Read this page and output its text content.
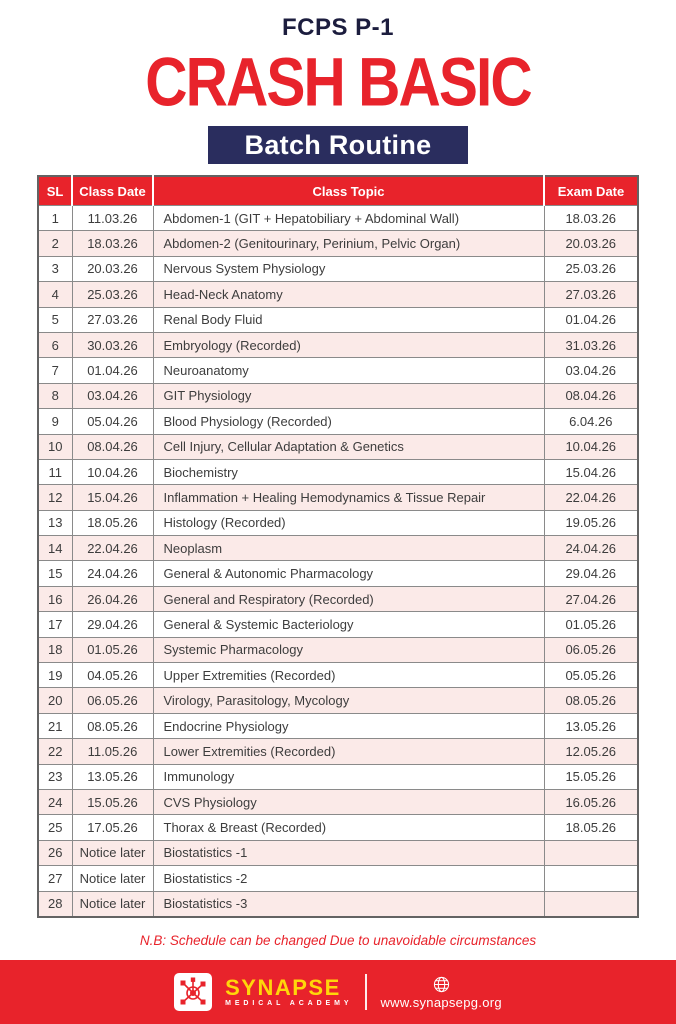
FCPS P-1
CRASH BASIC
Batch Routine
SL	Class Date	Class Topic	Exam Date
1	11.03.26	Abdomen-1 (GIT + Hepatobiliary + Abdominal Wall)	18.03.26
2	18.03.26	Abdomen-2 (Genitourinary, Perinium, Pelvic Organ)	20.03.26
3	20.03.26	Nervous System Physiology	25.03.26
4	25.03.26	Head-Neck Anatomy	27.03.26
5	27.03.26	Renal Body Fluid	01.04.26
6	30.03.26	Embryology (Recorded)	31.03.26
7	01.04.26	Neuroanatomy	03.04.26
8	03.04.26	GIT Physiology	08.04.26
9	05.04.26	Blood Physiology (Recorded)	6.04.26
10	08.04.26	Cell Injury, Cellular Adaptation & Genetics	10.04.26
11	10.04.26	Biochemistry	15.04.26
12	15.04.26	Inflammation + Healing Hemodynamics & Tissue Repair	22.04.26
13	18.05.26	Histology (Recorded)	19.05.26
14	22.04.26	Neoplasm	24.04.26
15	24.04.26	General & Autonomic Pharmacology	29.04.26
16	26.04.26	General and Respiratory (Recorded)	27.04.26
17	29.04.26	General & Systemic Bacteriology	01.05.26
18	01.05.26	Systemic Pharmacology	06.05.26
19	04.05.26	Upper Extremities (Recorded)	05.05.26
20	06.05.26	Virology, Parasitology, Mycology	08.05.26
21	08.05.26	Endocrine Physiology	13.05.26
22	11.05.26	Lower Extremities (Recorded)	12.05.26
23	13.05.26	Immunology	15.05.26
24	15.05.26	CVS Physiology	16.05.26
25	17.05.26	Thorax & Breast (Recorded)	18.05.26
26	Notice later	Biostatistics -1	
27	Notice later	Biostatistics -2	
28	Notice later	Biostatistics -3	
N.B: Schedule can be changed Due to unavoidable circumstances
SYNAPSE
MEDICAL ACADEMY www.synapsepg.org
